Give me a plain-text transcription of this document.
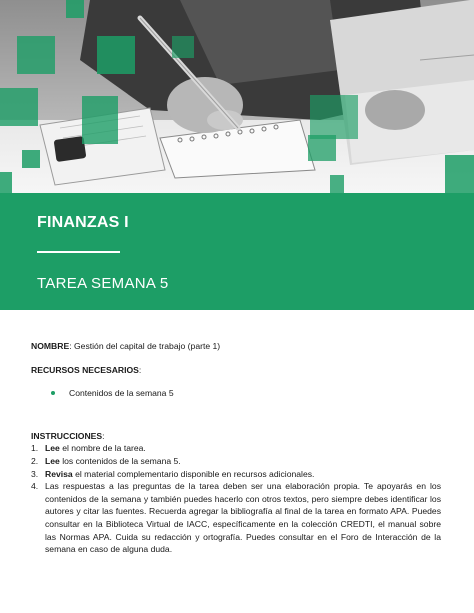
FINANZAS I
TAREA SEMANA 5
NOMBRE: Gestión del capital de trabajo (parte 1)
RECURSOS NECESARIOS:
Contenidos de la semana 5
INSTRUCCIONES:
1. Lee el nombre de la tarea.
2. Lee los contenidos de la semana 5.
3. Revisa el material complementario disponible en recursos adicionales.
4. Las respuestas a las preguntas de la tarea deben ser una elaboración propia. Te apoyarás en los contenidos de la semana y también puedes hacerlo con otros textos, pero siempre debes identificar los autores y citar las fuentes. Recuerda agregar la bibliografía al final de la tarea en formato APA. Puedes consultar en la Biblioteca Virtual de IACC, específicamente en la colección CREDTI, el manual sobre las Normas APA. Cuida su redacción y ortografía. Puedes consultar en el Foro de Interacción de la semana en caso de alguna duda.
